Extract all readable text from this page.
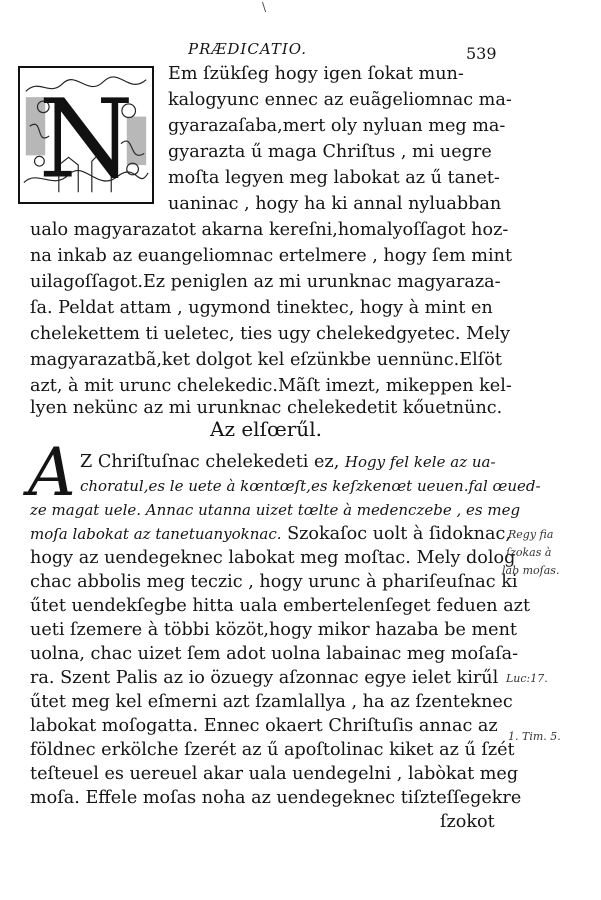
\
PRÆDICATIO.	539
N
Em ſzükſeg hogy igen ſokat mun-
kalogyunc ennec az euãgeliomnac ma-
gyarazaſaba,mert oly nyluan meg ma-
gyarazta ű maga Chriſtus , mi uegre
moſta legyen meg labokat az ű tanet-
uaninac , hogy ha ki annal nyluabban
ualo magyarazatot akarna kereſni,homalyoſſagot hoz-
na inkab az euangeliomnac ertelmere , hogy ſem mint
uilagoſſagot.Ez peniglen az mi urunknac magyaraza-
ſa. Peldat attam , ugymond tinektec, hogy à mint en
chelekettem ti ueletec, ties ugy chelekedgyetec. Mely
magyarazatbã,ket dolgot kel eſzünkbe uennünc.Elſöt
azt, à mit urunc chelekedic.Mãſt imezt, mikeppen kel-
lyen nekünc az mi urunknac chelekedetit kőuetnünc.
Az elſœrűl.
A Z Chriſtuſnac chelekedeti ez, Hogy fel kele az ua-
choratul,es le uete à kœntœſt,es keſzkenœt ueuen.fal œued-
ze magat uele. Annac utanna uizet tœlte à medenczebe , es meg
moſa labokat az tanetuanyoknac. Szokaſoc uolt à ſidoknac,
hogy az uendegeknec labokat meg moſtac. Mely dolog
chac abbolis meg teczic , hogy urunc à phariſeuſnac ki
űtet uendekſegbe hitta uala embertelenſeget feduen azt
ueti ſzemere à többi közöt,hogy mikor hazaba be ment
uolna, chac uizet ſem adot uolna labainac meg moſaſa-
ra. Szent Palis az io özuegy aſzonnac egye ielet kirűl
űtet meg kel eſmerni azt ſzamlallya , ha az ſzenteknec
labokat moſogatta. Ennec okaert Chriſtuſis annac az
földnec erkölche ſzerét az ű apoſtolinac kiket az ű ſzét
teſteuel es uereuel akar uala uendegelni , labòkat meg
moſa. Effele moſas noha az uendegeknec tiſzteſſegekre
ſzokot
Regy fia
ſzokas à
lab moſas.
Luc:17.
1. Tim. 5.
